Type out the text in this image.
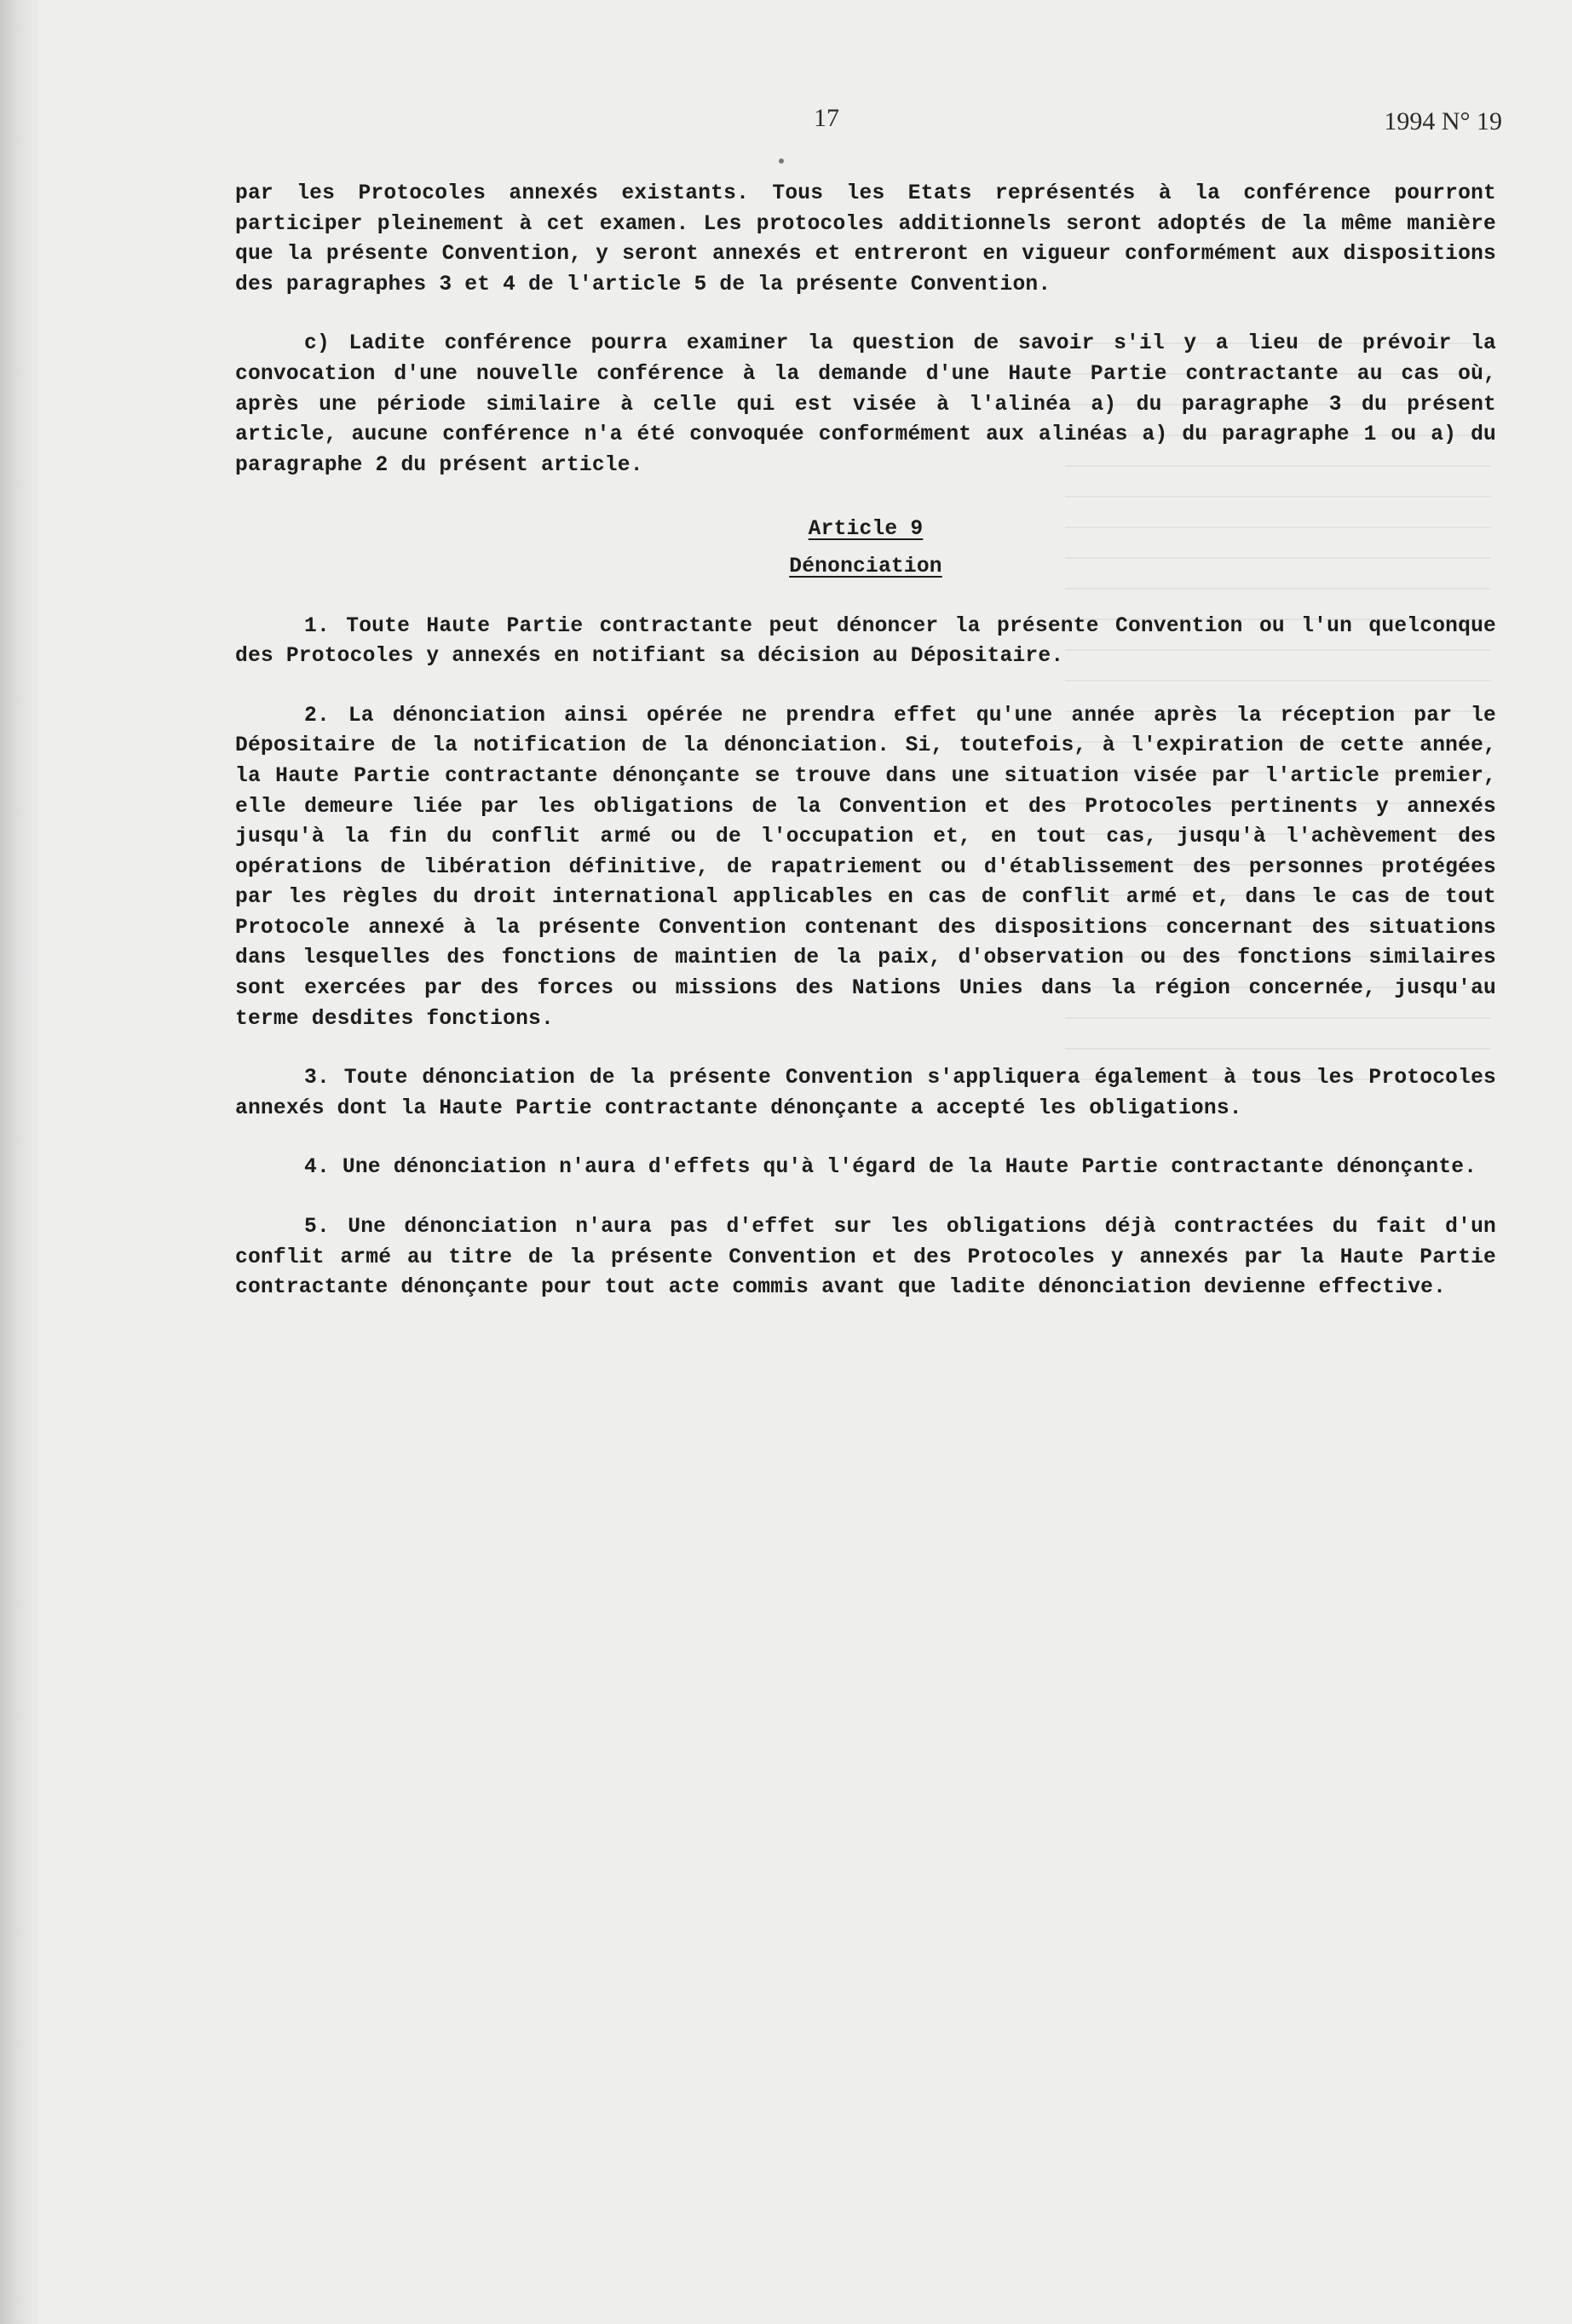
17	1994 N° 19

par les Protocoles annexés existants. Tous les Etats représentés à la conférence pourront participer pleinement à cet examen. Les protocoles additionnels seront adoptés de la même manière que la présente Convention, y seront annexés et entreront en vigueur conformément aux dispositions des paragraphes 3 et 4 de l'article 5 de la présente Convention.

c) Ladite conférence pourra examiner la question de savoir s'il y a lieu de prévoir la convocation d'une nouvelle conférence à la demande d'une Haute Partie contractante au cas où, après une période similaire à celle qui est visée à l'alinéa a) du paragraphe 3 du présent article, aucune conférence n'a été convoquée conformément aux alinéas a) du paragraphe 1 ou a) du paragraphe 2 du présent article.

Article 9

Dénonciation

1. Toute Haute Partie contractante peut dénoncer la présente Convention ou l'un quelconque des Protocoles y annexés en notifiant sa décision au Dépositaire.

2. La dénonciation ainsi opérée ne prendra effet qu'une année après la réception par le Dépositaire de la notification de la dénonciation. Si, toutefois, à l'expiration de cette année, la Haute Partie contractante dénonçante se trouve dans une situation visée par l'article premier, elle demeure liée par les obligations de la Convention et des Protocoles pertinents y annexés jusqu'à la fin du conflit armé ou de l'occupation et, en tout cas, jusqu'à l'achèvement des opérations de libération définitive, de rapatriement ou d'établissement des personnes protégées par les règles du droit international applicables en cas de conflit armé et, dans le cas de tout Protocole annexé à la présente Convention contenant des dispositions concernant des situations dans lesquelles des fonctions de maintien de la paix, d'observation ou des fonctions similaires sont exercées par des forces ou missions des Nations Unies dans la région concernée, jusqu'au terme desdites fonctions.

3. Toute dénonciation de la présente Convention s'appliquera également à tous les Protocoles annexés dont la Haute Partie contractante dénonçante a accepté les obligations.

4. Une dénonciation n'aura d'effets qu'à l'égard de la Haute Partie contractante dénonçante.

5. Une dénonciation n'aura pas d'effet sur les obligations déjà contractées du fait d'un conflit armé au titre de la présente Convention et des Protocoles y annexés par la Haute Partie contractante dénonçante pour tout acte commis avant que ladite dénonciation devienne effective.
